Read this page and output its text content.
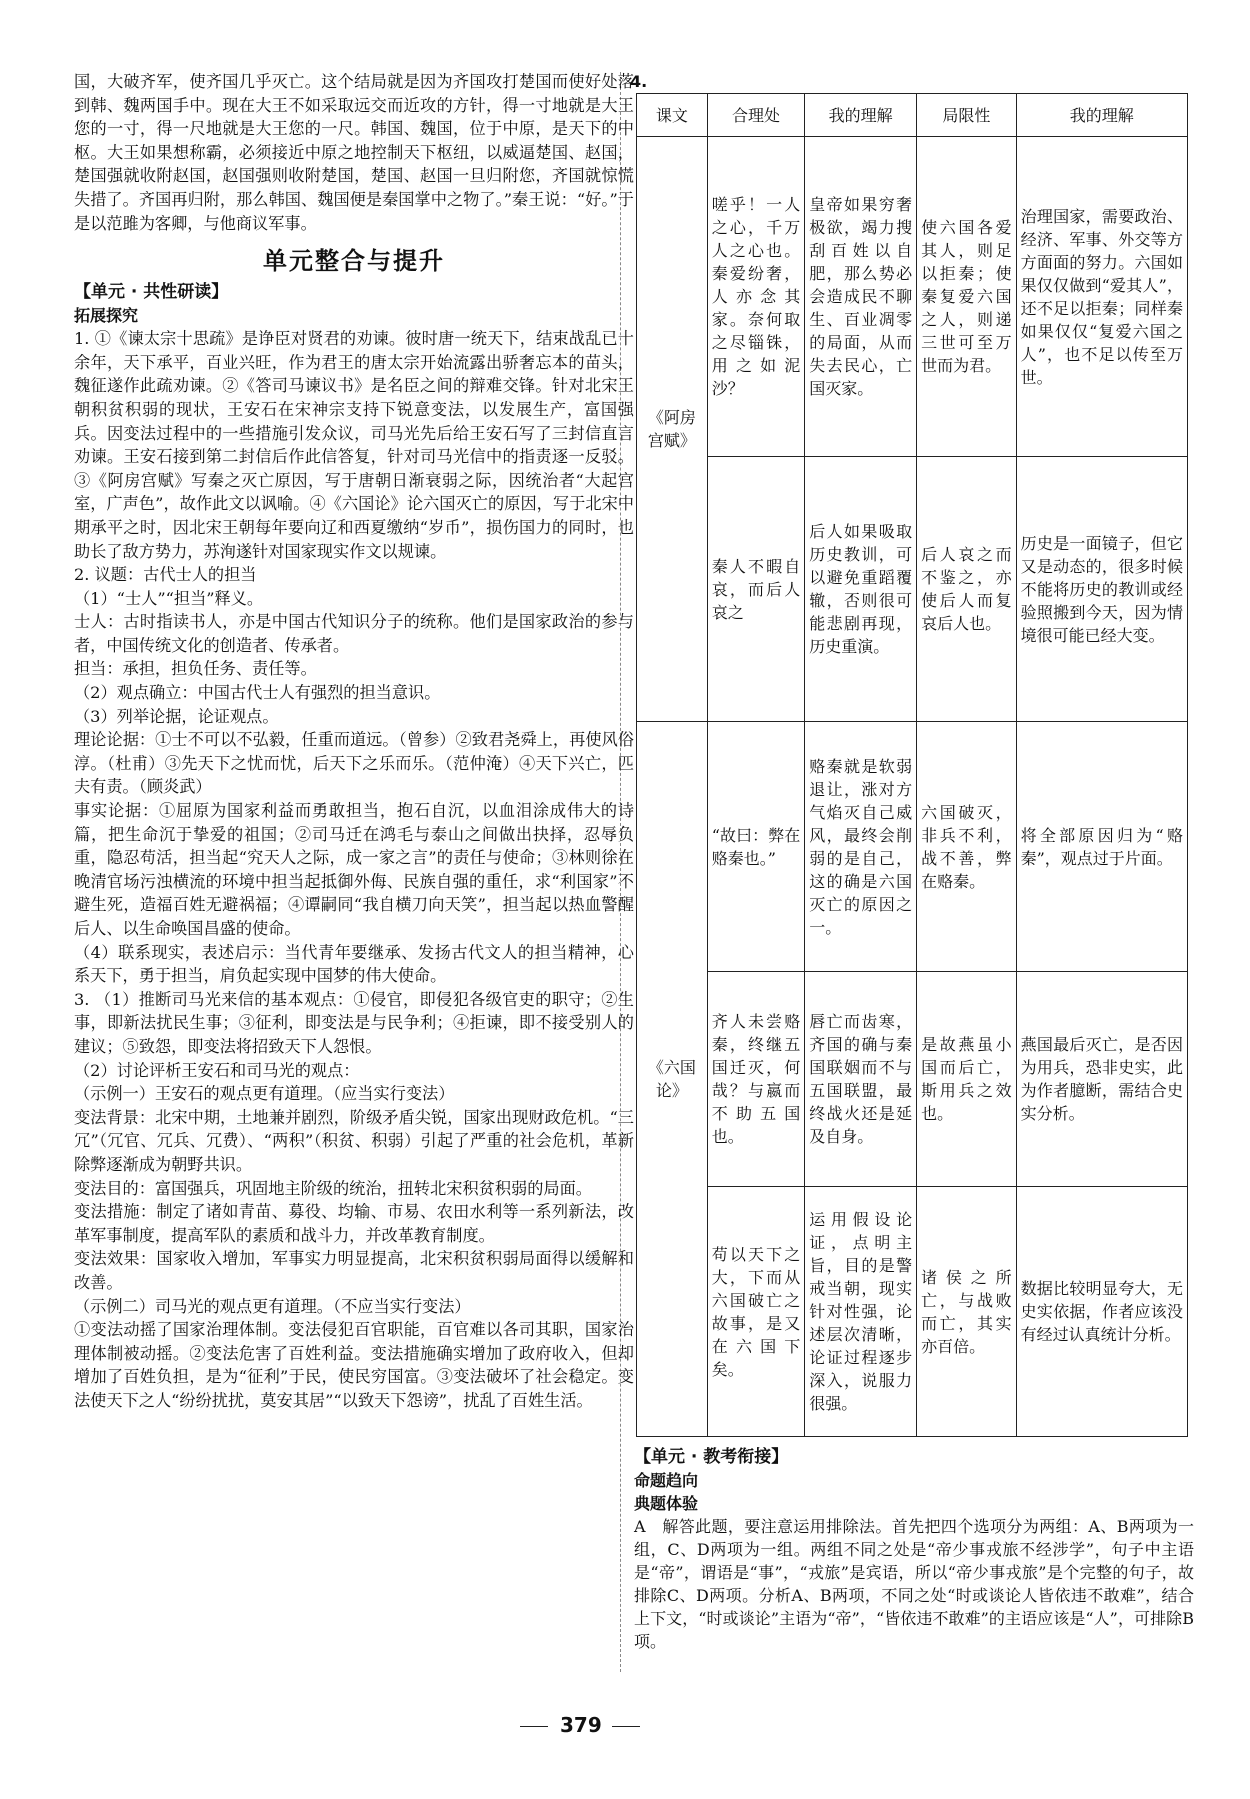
国，大破齐军，使齐国几乎灭亡。这个结局就是因为齐国攻打楚国而使好处落到韩、魏两国手中。现在大王不如采取远交而近攻的方针，得一寸地就是大王您的一寸，得一尺地就是大王您的一尺。韩国、魏国，位于中原，是天下的中枢。大王如果想称霸，必须接近中原之地控制天下枢纽，以威逼楚国、赵国，楚国强就收附赵国，赵国强则收附楚国，楚国、赵国一旦归附您，齐国就惊慌失措了。齐国再归附，那么韩国、魏国便是秦国掌中之物了。”秦王说：“好。”于是以范雎为客卿，与他商议军事。

单元整合与提升
【单元 · 共性研读】
拓展探究

1. ①《谏太宗十思疏》是诤臣对贤君的劝谏。彼时唐一统天下，结束战乱已十余年，天下承平，百业兴旺，作为君王的唐太宗开始流露出骄奢忘本的苗头，魏征遂作此疏劝谏。②《答司马谏议书》是名臣之间的辩难交锋。针对北宋王朝积贫积弱的现状，王安石在宋神宗支持下锐意变法，以发展生产，富国强兵。因变法过程中的一些措施引发众议，司马光先后给王安石写了三封信直言劝谏。王安石接到第二封信后作此信答复，针对司马光信中的指责逐一反驳。③《阿房宫赋》写秦之灭亡原因，写于唐朝日渐衰弱之际，因统治者“大起宫室，广声色”，故作此文以讽喻。④《六国论》论六国灭亡的原因，写于北宋中期承平之时，因北宋王朝每年要向辽和西夏缴纳“岁币”，损伤国力的同时，也助长了敌方势力，苏洵遂针对国家现实作文以规谏。

2. 议题：古代士人的担当

（1）“士人”“担当”释义。

士人：古时指读书人，亦是中国古代知识分子的统称。他们是国家政治的参与者，中国传统文化的创造者、传承者。

担当：承担，担负任务、责任等。

（2）观点确立：中国古代士人有强烈的担当意识。

（3）列举论据，论证观点。

理论论据：①士不可以不弘毅，任重而道远。（曾参）②致君尧舜上，再使风俗淳。（杜甫）③先天下之忧而忧，后天下之乐而乐。（范仲淹）④天下兴亡，匹夫有责。（顾炎武）

事实论据：①屈原为国家利益而勇敢担当，抱石自沉，以血泪涂成伟大的诗篇，把生命沉于挚爱的祖国；②司马迁在鸿毛与泰山之间做出抉择，忍辱负重，隐忍苟活，担当起“究天人之际，成一家之言”的责任与使命；③林则徐在晚清官场污浊横流的环境中担当起抵御外侮、民族自强的重任，求“利国家”不避生死，造福百姓无避祸福；④谭嗣同“我自横刀向天笑”，担当起以热血警醒后人、以生命唤国昌盛的使命。

（4）联系现实，表述启示：当代青年要继承、发扬古代文人的担当精神，心系天下，勇于担当，肩负起实现中国梦的伟大使命。

3. （1）推断司马光来信的基本观点：①侵官，即侵犯各级官吏的职守；②生事，即新法扰民生事；③征利，即变法是与民争利；④拒谏，即不接受别人的建议；⑤致怨，即变法将招致天下人怨恨。

（2）讨论评析王安石和司马光的观点：

（示例一）王安石的观点更有道理。（应当实行变法）

变法背景：北宋中期，土地兼并剧烈，阶级矛盾尖锐，国家出现财政危机。“三冗”（冗官、冗兵、冗费）、“两积”（积贫、积弱）引起了严重的社会危机，革新除弊逐渐成为朝野共识。

变法目的：富国强兵，巩固地主阶级的统治，扭转北宋积贫积弱的局面。

变法措施：制定了诸如青苗、募役、均输、市易、农田水利等一系列新法，改革军事制度，提高军队的素质和战斗力，并改革教育制度。

变法效果：国家收入增加，军事实力明显提高，北宋积贫积弱局面得以缓解和改善。

（示例二）司马光的观点更有道理。（不应当实行变法）

①变法动摇了国家治理体制。变法侵犯百官职能，百官难以各司其职，国家治理体制被动摇。②变法危害了百姓利益。变法措施确实增加了政府收入，但却增加了百姓负担，是为“征利”于民，使民穷国富。③变法破坏了社会稳定。变法使天下之人“纷纷扰扰，莫安其居”“以致天下怨谤”，扰乱了百姓生活。

4.
课文	合理处	我的理解	局限性	我的理解
《阿房宫赋》	嗟乎！一人之心，千万人之心也。秦爱纷奢，人亦念其家。奈何取之尽锱铢，用之如泥沙？	皇帝如果穷奢极欲，竭力搜刮百姓以自肥，那么势必会造成民不聊生、百业凋零的局面，从而失去民心，亡国灭家。	使六国各爱其人，则足以拒秦；使秦复爱六国之人，则递三世可至万世而为君。	治理国家，需要政治、经济、军事、外交等方方面面的努力。六国如果仅仅做到“爱其人”，还不足以拒秦；同样秦如果仅仅“复爱六国之人”，也不足以传至万世。

	秦人不暇自哀，而后人哀之	后人如果吸取历史教训，可以避免重蹈覆辙，否则很可能悲剧再现，历史重演。	后人哀之而不鉴之，亦使后人而复哀后人也。	历史是一面镜子，但它又是动态的，很多时候不能将历史的教训或经验照搬到今天，因为情境很可能已经大变。

《六国论》	“故曰：弊在赂秦也。”	赂秦就是软弱退让，涨对方气焰灭自己威风，最终会削弱的是自己，这的确是六国灭亡的原因之一。	六国破灭，非兵不利，战不善，弊在赂秦。	将全部原因归为“赂秦”，观点过于片面。

	齐人未尝赂秦，终继五国迁灭，何哉？与嬴而不助五国也。	唇亡而齿寒，齐国的确与秦国联姻而不与五国联盟，最终战火还是延及自身。	是故燕虽小国而后亡，斯用兵之效也。	燕国最后灭亡，是否因为用兵，恐非史实，此为作者臆断，需结合史实分析。

	苟以天下之大，下而从六国破亡之故事，是又在六国下矣。	运用假设论证，点明主旨，目的是警戒当朝，现实针对性强，论述层次清晰，论证过程逐步深入，说服力很强。	诸侯之所亡，与战败而亡，其实亦百倍。	数据比较明显夸大，无史实依据，作者应该没有经过认真统计分析。
【单元 · 教考衔接】
命题趋向
典题体验

A　解答此题，要注意运用排除法。首先把四个选项分为两组：A、B两项为一组，C、D两项为一组。两组不同之处是“帝少事戎旅不经涉学”，句子中主语是“帝”，谓语是“事”，“戎旅”是宾语，所以“帝少事戎旅”是个完整的句子，故排除C、D两项。分析A、B两项，不同之处“时或谈论人皆依违不敢难”，结合上下文，“时或谈论”主语为“帝”，“皆依违不敢难”的主语应该是“人”，可排除B项。

379
